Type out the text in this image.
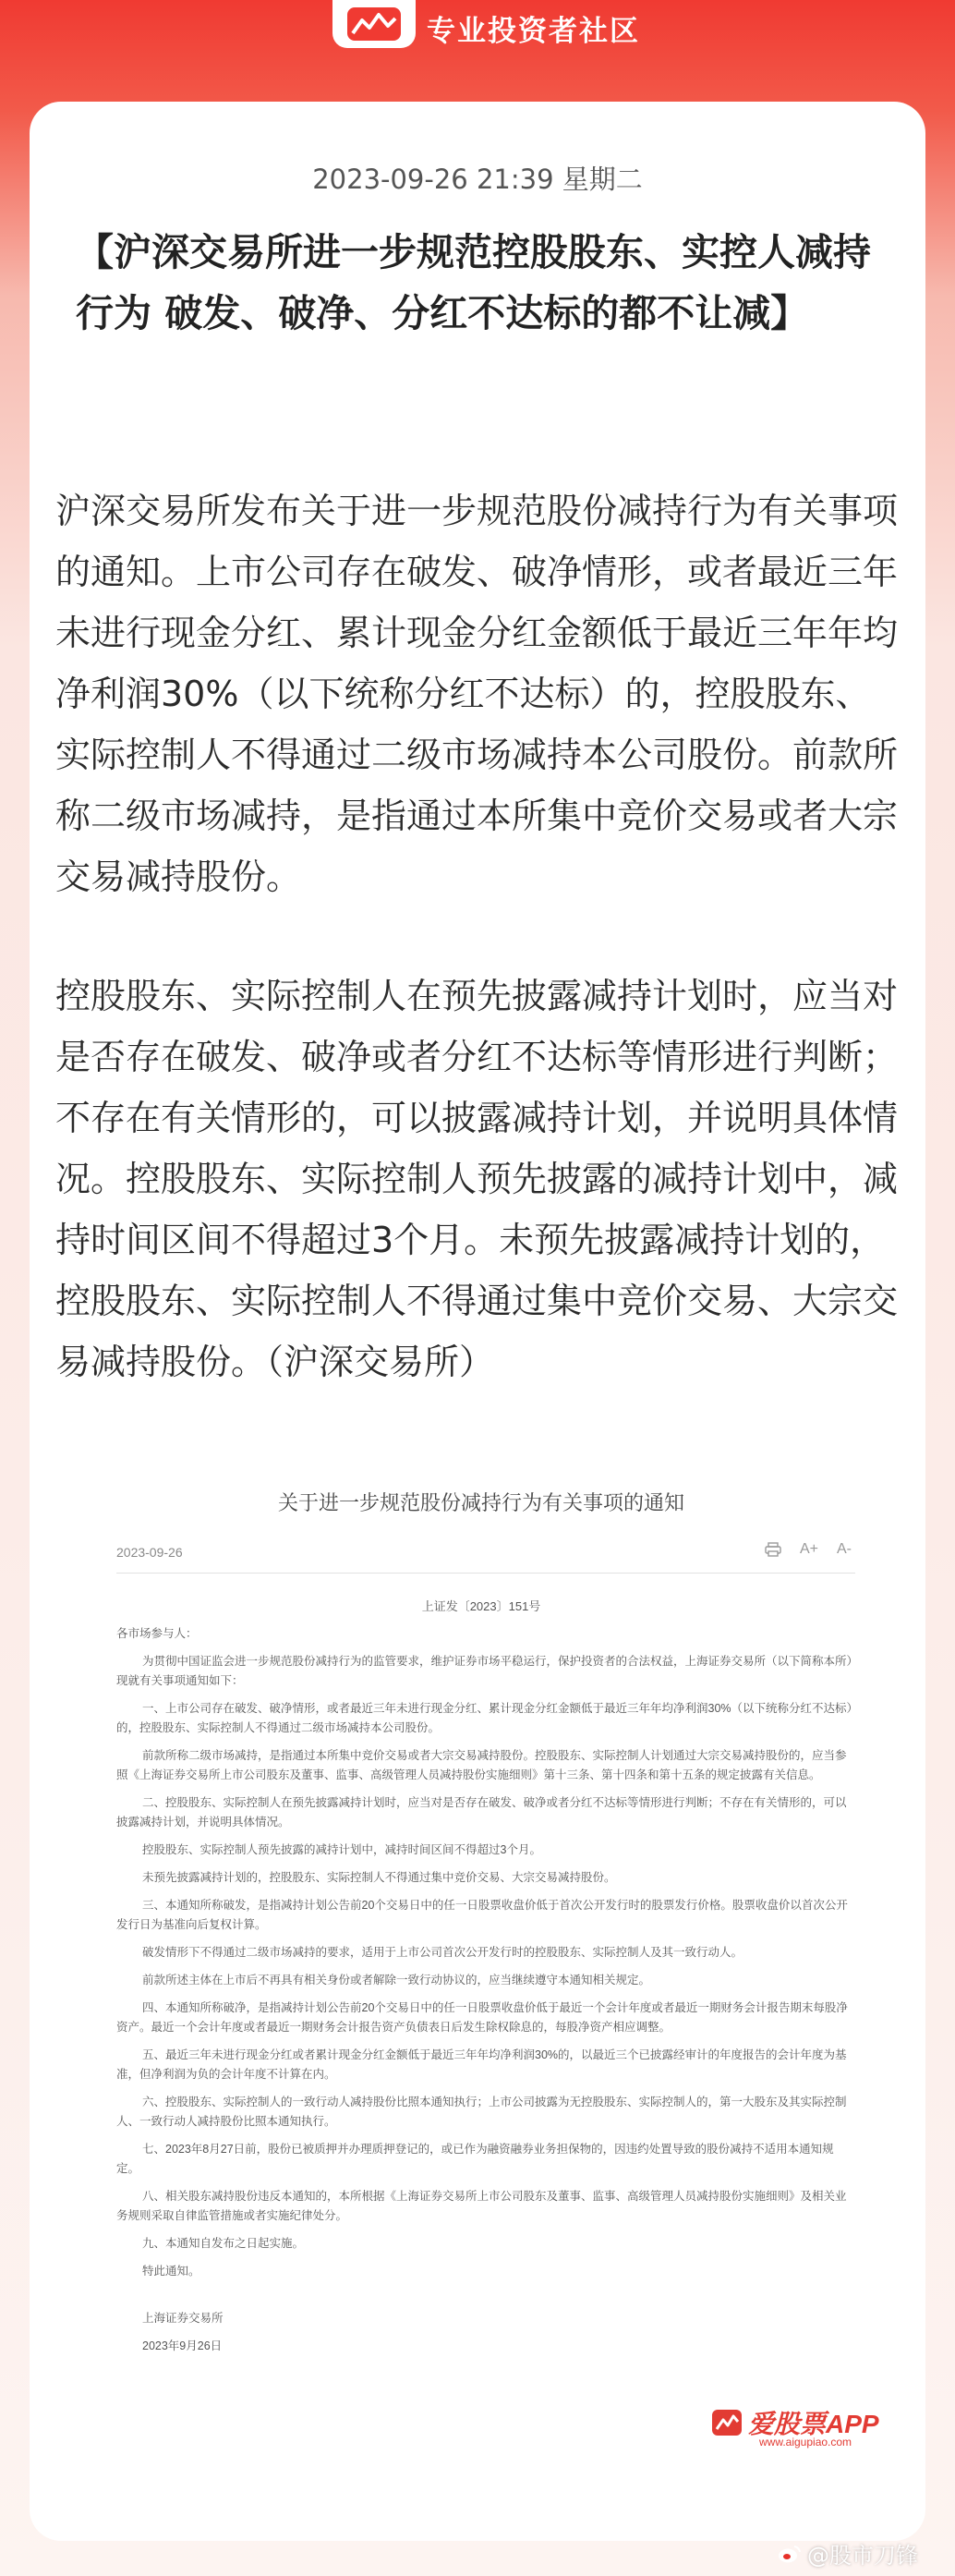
专业投资者社区
2023-09-26 21:39 星期二
【沪深交易所进一步规范控股股东、实控人减持行为 破发、破净、分红不达标的都不让减】
沪深交易所发布关于进一步规范股份减持行为有关事项的通知。上市公司存在破发、破净情形，或者最近三年未进行现金分红、累计现金分红金额低于最近三年年均净利润30%（以下统称分红不达标）的，控股股东、实际控制人不得通过二级市场减持本公司股份。前款所称二级市场减持，是指通过本所集中竞价交易或者大宗交易减持股份。
控股股东、实际控制人在预先披露减持计划时，应当对是否存在破发、破净或者分红不达标等情形进行判断；不存在有关情形的，可以披露减持计划，并说明具体情况。控股股东、实际控制人预先披露的减持计划中，减持时间区间不得超过3个月。未预先披露减持计划的，控股股东、实际控制人不得通过集中竞价交易、大宗交易减持股份。（沪深交易所）
关于进一步规范股份减持行为有关事项的通知
2023-09-26	A+ A-
上证发〔2023〕151号

各市场参与人：

为贯彻中国证监会进一步规范股份减持行为的监管要求，维护证券市场平稳运行，保护投资者的合法权益，上海证券交易所（以下简称本所）现就有关事项通知如下：

一、上市公司存在破发、破净情形，或者最近三年未进行现金分红、累计现金分红金额低于最近三年年均净利润30%（以下统称分红不达标）的，控股股东、实际控制人不得通过二级市场减持本公司股份。

前款所称二级市场减持，是指通过本所集中竞价交易或者大宗交易减持股份。控股股东、实际控制人计划通过大宗交易减持股份的，应当参照《上海证券交易所上市公司股东及董事、监事、高级管理人员减持股份实施细则》第十三条、第十四条和第十五条的规定披露有关信息。

二、控股股东、实际控制人在预先披露减持计划时，应当对是否存在破发、破净或者分红不达标等情形进行判断；不存在有关情形的，可以披露减持计划，并说明具体情况。

控股股东、实际控制人预先披露的减持计划中，减持时间区间不得超过3个月。

未预先披露减持计划的，控股股东、实际控制人不得通过集中竞价交易、大宗交易减持股份。

三、本通知所称破发，是指减持计划公告前20个交易日中的任一日股票收盘价低于首次公开发行时的股票发行价格。股票收盘价以首次公开发行日为基准向后复权计算。

破发情形下不得通过二级市场减持的要求，适用于上市公司首次公开发行时的控股股东、实际控制人及其一致行动人。

前款所述主体在上市后不再具有相关身份或者解除一致行动协议的，应当继续遵守本通知相关规定。

四、本通知所称破净，是指减持计划公告前20个交易日中的任一日股票收盘价低于最近一个会计年度或者最近一期财务会计报告期末每股净资产。最近一个会计年度或者最近一期财务会计报告资产负债表日后发生除权除息的，每股净资产相应调整。

五、最近三年未进行现金分红或者累计现金分红金额低于最近三年年均净利润30%的，以最近三个已披露经审计的年度报告的会计年度为基准，但净利润为负的会计年度不计算在内。

六、控股股东、实际控制人的一致行动人减持股份比照本通知执行；上市公司披露为无控股股东、实际控制人的，第一大股东及其实际控制人、一致行动人减持股份比照本通知执行。

七、2023年8月27日前，股份已被质押并办理质押登记的，或已作为融资融券业务担保物的，因违约处置导致的股份减持不适用本通知规定。

八、相关股东减持股份违反本通知的，本所根据《上海证券交易所上市公司股东及董事、监事、高级管理人员减持股份实施细则》及相关业务规则采取自律监管措施或者实施纪律处分。

九、本通知自发布之日起实施。

特此通知。

上海证券交易所

2023年9月26日

爱股票APP
www.aigupiao.com
@股市刀锋
